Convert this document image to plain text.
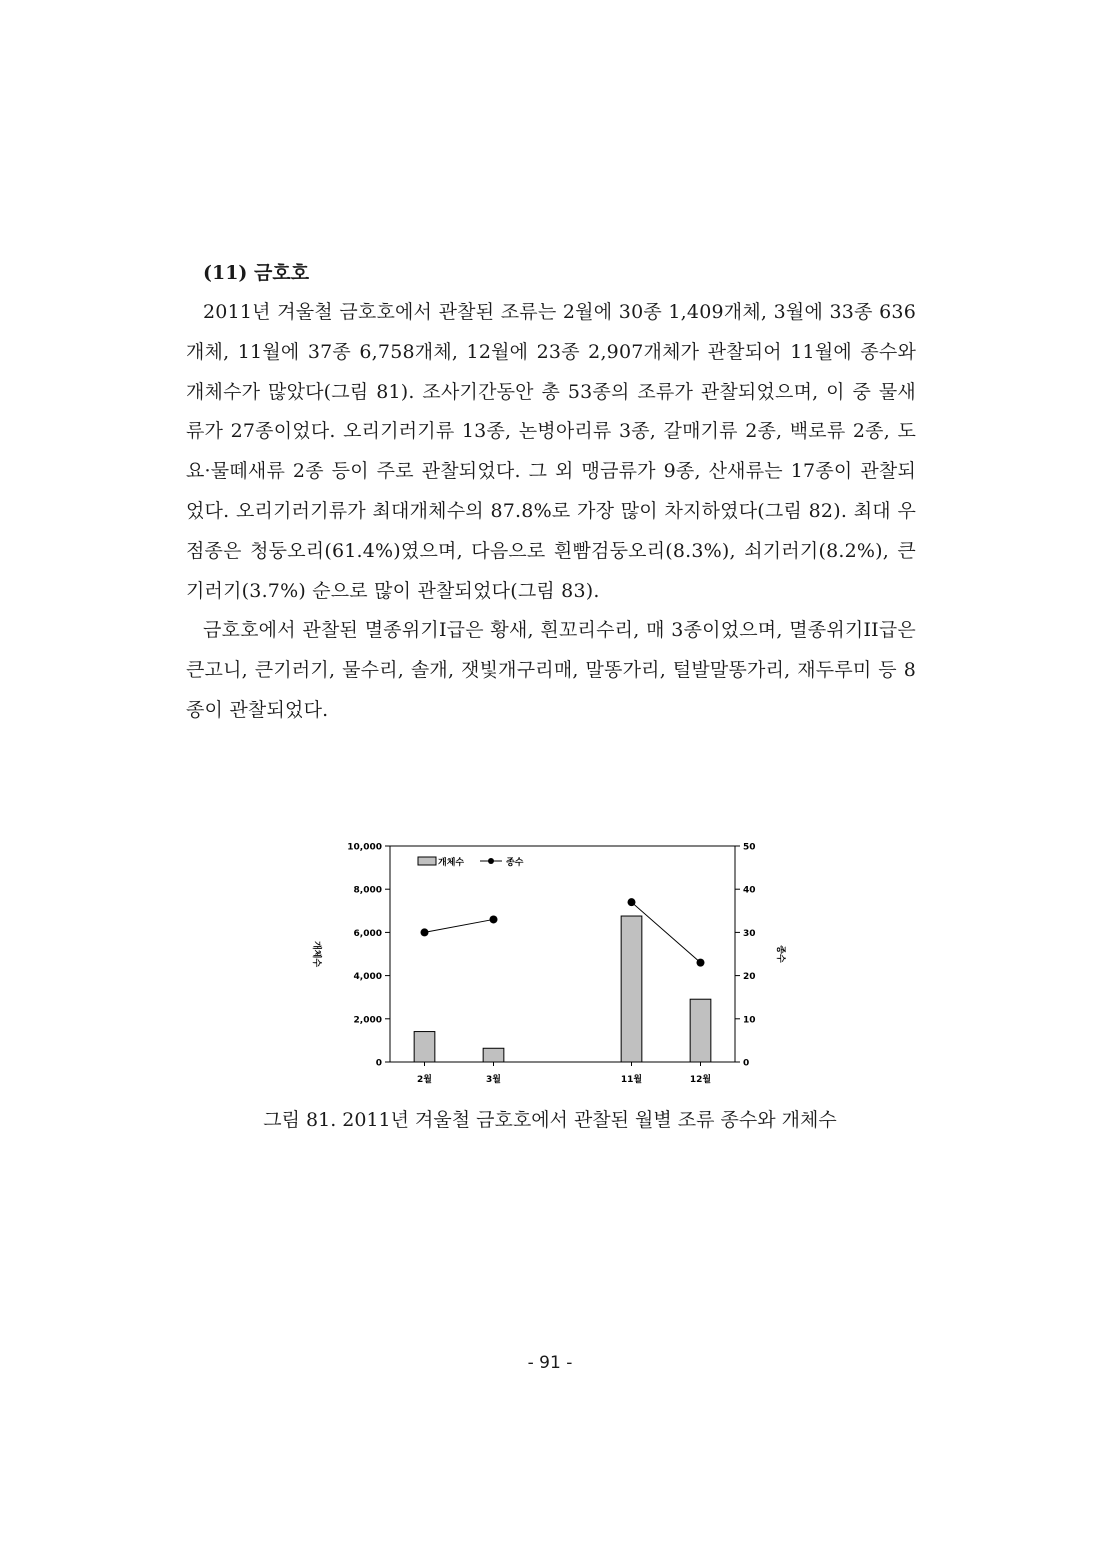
(11) 금호호

2011년 겨울철 금호호에서 관찰된 조류는 2월에 30종 1,409개체, 3월에 33종 636개체, 11월에 37종 6,758개체, 12월에 23종 2,907개체가 관찰되어 11월에 종수와 개체수가 많았다(그림 81). 조사기간동안 총 53종의 조류가 관찰되었으며, 이 중 물새류가 27종이었다. 오리기러기류 13종, 논병아리류 3종, 갈매기류 2종, 백로류 2종, 도요·물떼새류 2종 등이 주로 관찰되었다. 그 외 맹금류가 9종, 산새류는 17종이 관찰되었다. 오리기러기류가 최대개체수의 87.8%로 가장 많이 차지하였다(그림 82). 최대 우점종은 청둥오리(61.4%)였으며, 다음으로 흰빰검둥오리(8.3%), 쇠기러기(8.2%), 큰기러기(3.7%) 순으로 많이 관찰되었다(그림 83).

금호호에서 관찰된 멸종위기I급은 황새, 흰꼬리수리, 매 3종이었으며, 멸종위기II급은 큰고니, 큰기러기, 물수리, 솔개, 잿빛개구리매, 말똥가리, 털발말똥가리, 재두루미 등 8종이 관찰되었다.

0
2,000
4,000
6,000
8,000
10,000
0
10
20
30
40
50
개체수	종수
2월	3월	11월	12월
개체수	종수

그림 81. 2011년 겨울철 금호호에서 관찰된 월별 조류 종수와 개체수

- 91 -
